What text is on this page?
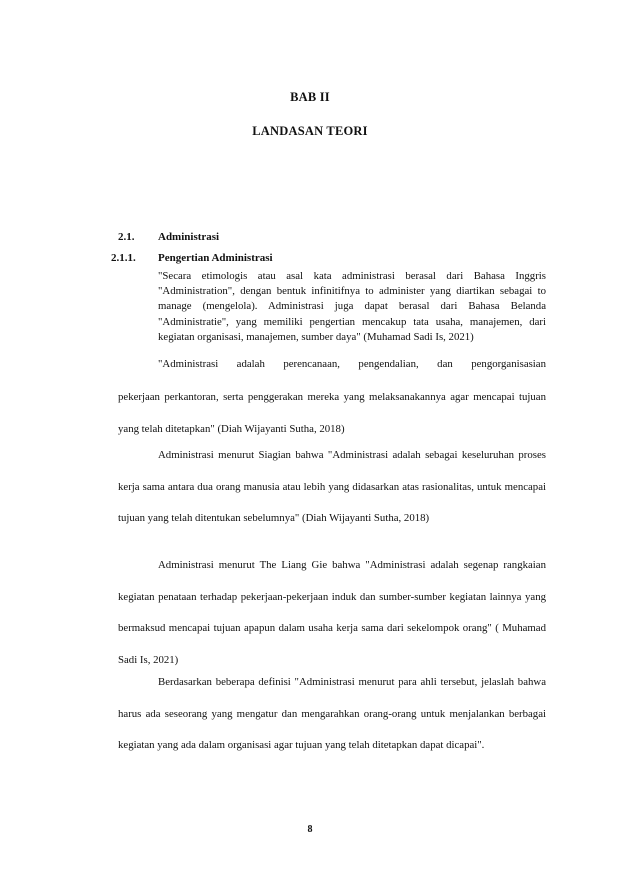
BAB II
LANDASAN TEORI
2.1. Administrasi
2.1.1. Pengertian Administrasi

"Secara etimologis atau asal kata administrasi berasal dari Bahasa Inggris "Administration", dengan bentuk infinitifnya to administer yang diartikan sebagai to manage (mengelola). Administrasi juga dapat berasal dari Bahasa Belanda "Administratie", yang memiliki pengertian mencakup tata usaha, manajemen, dari kegiatan organisasi, manajemen, sumber daya" (Muhamad Sadi Is, 2021)

"Administrasi adalah perencanaan, pengendalian, dan pengorganisasian

pekerjaan perkantoran, serta penggerakan mereka yang melaksanakannya agar mencapai tujuan yang telah ditetapkan" (Diah Wijayanti Sutha, 2018)

Administrasi menurut Siagian bahwa "Administrasi adalah sebagai keseluruhan proses kerja sama antara dua orang manusia atau lebih yang didasarkan atas rasionalitas, untuk mencapai tujuan yang telah ditentukan sebelumnya" (Diah Wijayanti Sutha, 2018)

Administrasi menurut The Liang Gie bahwa "Administrasi adalah segenap rangkaian kegiatan penataan terhadap pekerjaan-pekerjaan induk dan sumber-sumber kegiatan lainnya yang bermaksud mencapai tujuan apapun dalam usaha kerja sama dari sekelompok orang" ( Muhamad Sadi Is, 2021)

Berdasarkan beberapa definisi "Administrasi menurut para ahli tersebut, jelaslah bahwa harus ada seseorang yang mengatur dan mengarahkan orang-orang untuk menjalankan berbagai kegiatan yang ada dalam organisasi agar tujuan yang telah ditetapkan dapat dicapai".

8
